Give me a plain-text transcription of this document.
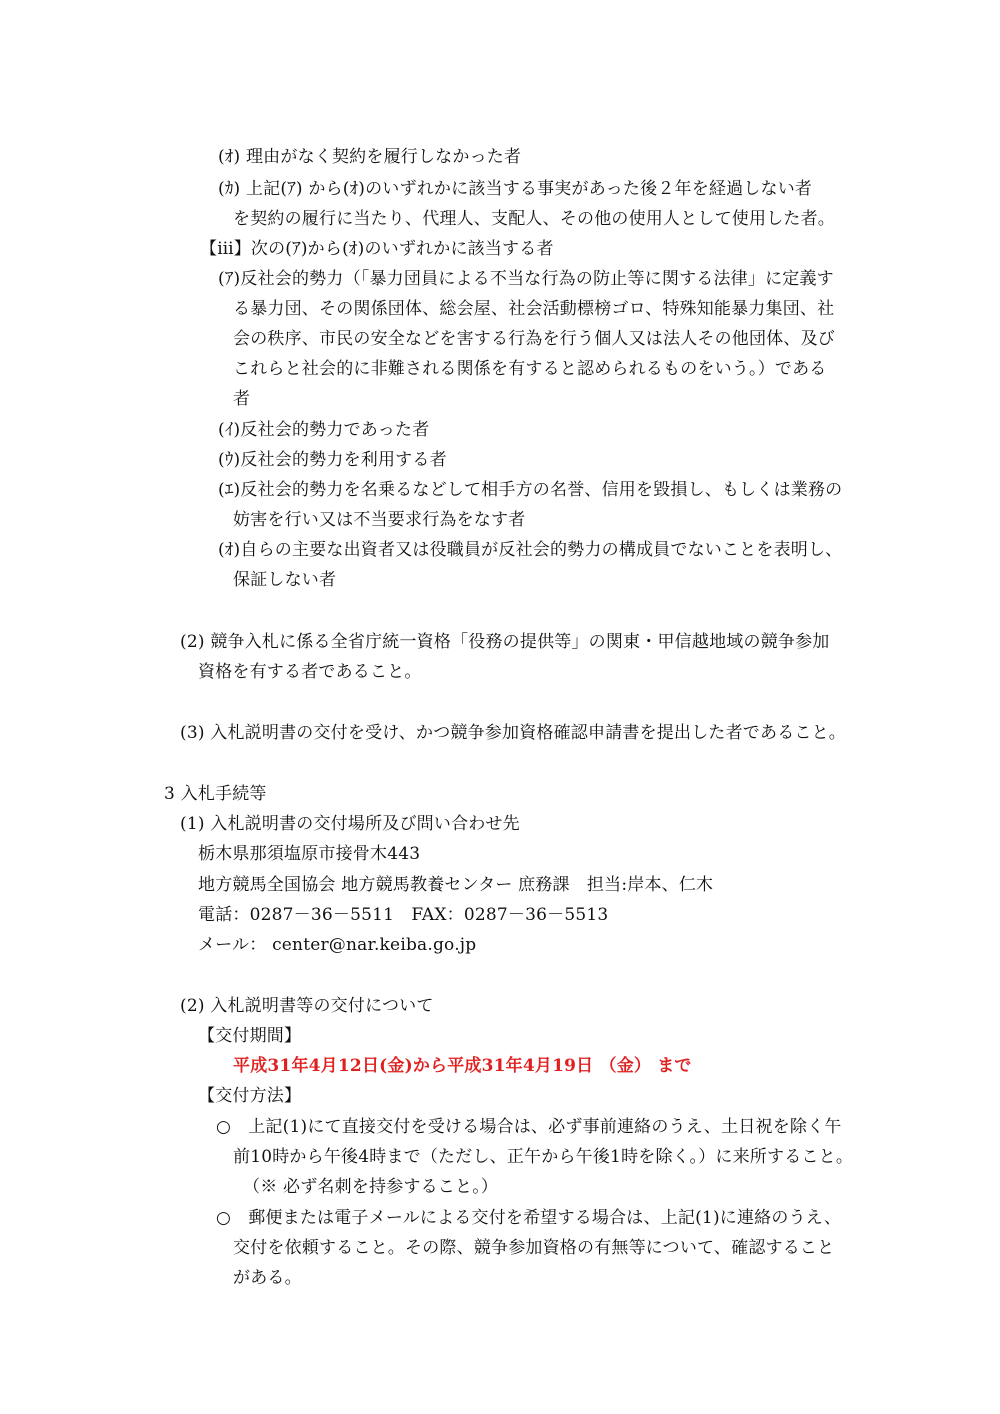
(ｵ) 理由がなく契約を履行しなかった者
(ｶ) 上記(ｱ) から(ｵ)のいずれかに該当する事実があった後２年を経過しない者
を契約の履行に当たり、代理人、支配人、その他の使用人として使用した者。
【ⅲ】次の(ｱ)から(ｵ)のいずれかに該当する者
(ｱ)反社会的勢力（「暴力団員による不当な行為の防止等に関する法律」に定義す
る暴力団、その関係団体、総会屋、社会活動標榜ゴロ、特殊知能暴力集団、社
会の秩序、市民の安全などを害する行為を行う個人又は法人その他団体、及び
これらと社会的に非難される関係を有すると認められるものをいう。）である
者
(ｲ)反社会的勢力であった者
(ｳ)反社会的勢力を利用する者
(ｴ)反社会的勢力を名乗るなどして相手方の名誉、信用を毀損し、もしくは業務の
妨害を行い又は不当要求行為をなす者
(ｵ)自らの主要な出資者又は役職員が反社会的勢力の構成員でないことを表明し、
保証しない者
(2) 競争入札に係る全省庁統一資格「役務の提供等」の関東・甲信越地域の競争参加
資格を有する者であること。
(3) 入札説明書の交付を受け、かつ競争参加資格確認申請書を提出した者であること。
3 入札手続等
(1) 入札説明書の交付場所及び問い合わせ先
栃木県那須塩原市接骨木443
地方競馬全国協会 地方競馬教養センター 庶務課　担当:岸本、仁木
電話：0287－36－5511　FAX：0287－36－5513
メール： center@nar.keiba.go.jp
(2) 入札説明書等の交付について
【交付期間】
平成31年4月12日(金)から平成31年4月19日 （金） まで
【交付方法】
○　上記(1)にて直接交付を受ける場合は、必ず事前連絡のうえ、土日祝を除く午
前10時から午後4時まで（ただし、正午から午後1時を除く。）に来所すること。
（※ 必ず名刺を持参すること。）
○　郵便または電子メールによる交付を希望する場合は、上記(1)に連絡のうえ、
交付を依頼すること。その際、競争参加資格の有無等について、確認すること
がある。
